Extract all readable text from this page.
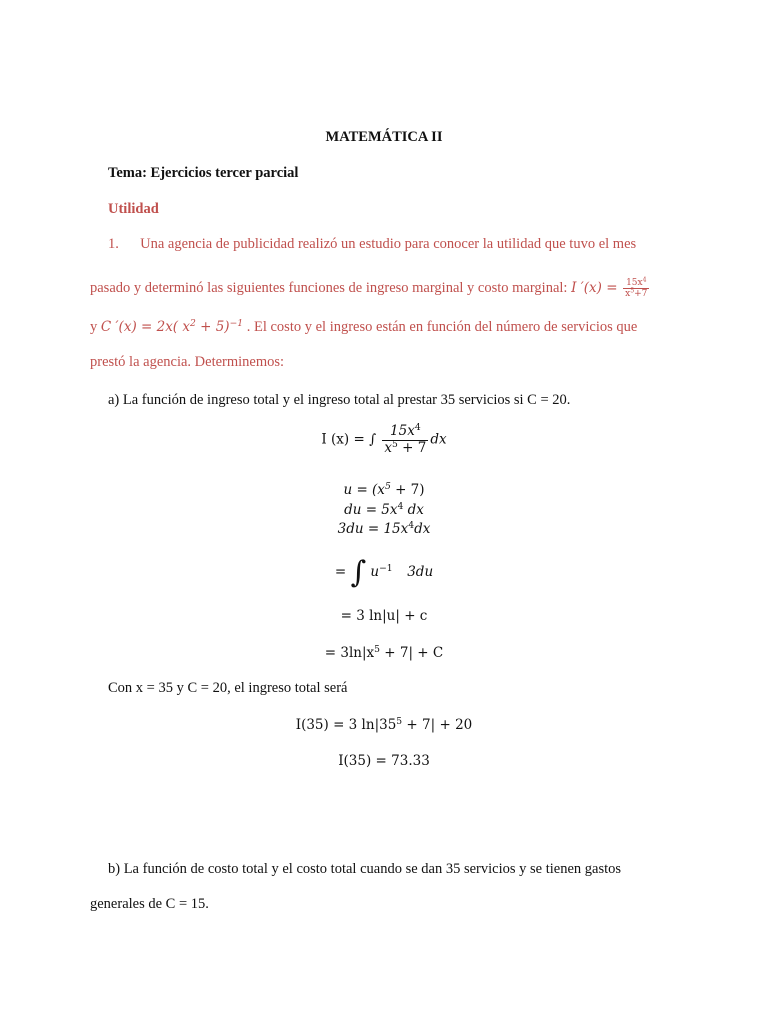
MATEMÁTICA II
Tema: Ejercicios tercer parcial
Utilidad
1. Una agencia de publicidad realizó un estudio para conocer la utilidad que tuvo el mes
pasado y determinó las siguientes funciones de ingreso marginal y costo marginal: I $'(x) = \frac{15x^4}{x^5+7}$
y C ′(x) = 2x( $x^2 + 5)^{-1}$ . El costo y el ingreso están en función del número de servicios que
prestó la agencia. Determinemos:
a) La función de ingreso total y el ingreso total al prestar 35 servicios si C = 20.
I (x) = ∫ $\frac{15x^4}{x^5 + 7}$ dx
$u = (x^5 + 7)$
du = $5x^4$ dx
$3du = 15x^4dx$
= ∫ $u^{-1}$ 3du
= 3 ln|u| + c
= $3\ln|x^5 + 7| + C$
Con x = 35 y C = 20, el ingreso total será
I(35) = 3 $\ln|35^5 + 7| + 20$
I(35) = 73.33
b) La función de costo total y el costo total cuando se dan 35 servicios y se tienen gastos
generales de C = 15.
